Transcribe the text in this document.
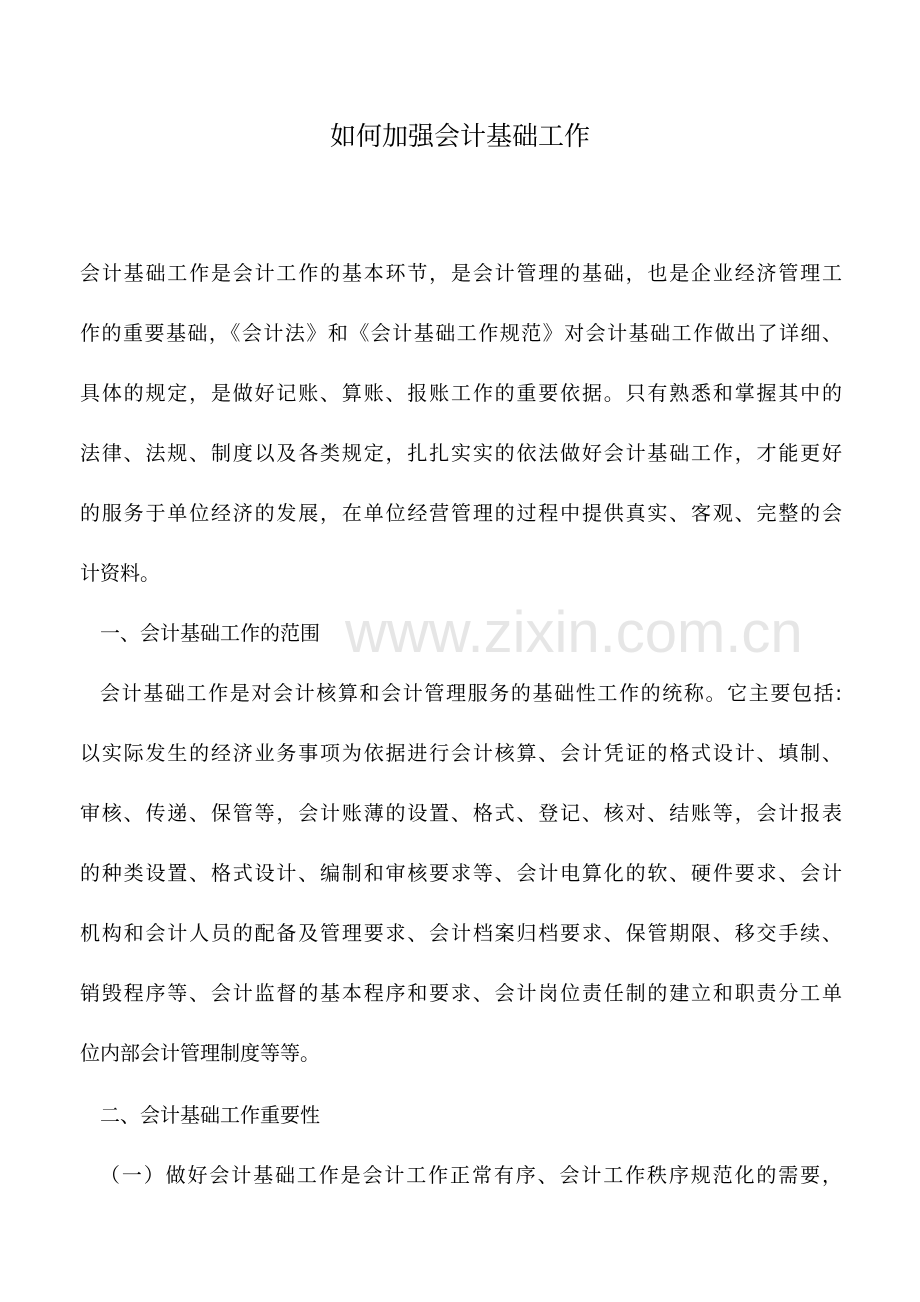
www.zixin.com.cn
如何加强会计基础工作
会计基础工作是会计工作的基本环节，是会计管理的基础，也是企业经济管理工
作的重要基础，《会计法》和《会计基础工作规范》对会计基础工作做出了详细、
具体的规定，是做好记账、算账、报账工作的重要依据。只有熟悉和掌握其中的
法律、法规、制度以及各类规定，扎扎实实的依法做好会计基础工作，才能更好
的服务于单位经济的发展，在单位经营管理的过程中提供真实、客观、完整的会
计资料。
一、会计基础工作的范围
会计基础工作是对会计核算和会计管理服务的基础性工作的统称。它主要包括:
以实际发生的经济业务事项为依据进行会计核算、会计凭证的格式设计、填制、
审核、传递、保管等，会计账薄的设置、格式、登记、核对、结账等，会计报表
的种类设置、格式设计、编制和审核要求等、会计电算化的软、硬件要求、会计
机构和会计人员的配备及管理要求、会计档案归档要求、保管期限、移交手续、
销毁程序等、会计监督的基本程序和要求、会计岗位责任制的建立和职责分工单
位内部会计管理制度等等。
二、会计基础工作重要性
（一）做好会计基础工作是会计工作正常有序、会计工作秩序规范化的需要，
